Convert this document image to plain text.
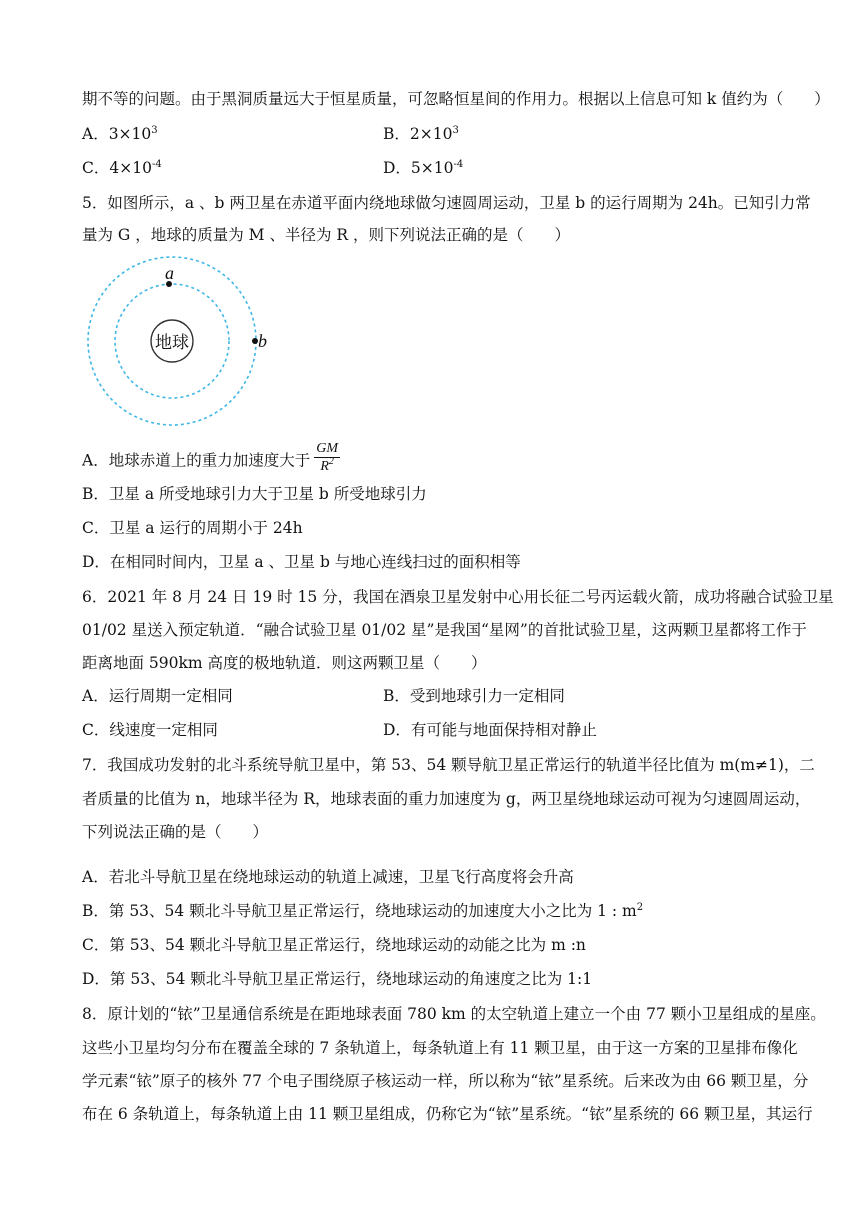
期不等的问题。由于黑洞质量远大于恒星质量，可忽略恒星间的作用力。根据以上信息可知 k 值约为（　　）
A．$3\times 10^3$	B．$2\times 10^3$
C．$4\times 10^{-4}$	D．$5\times 10^{-4}$
5．如图所示，a 、b 两卫星在赤道平面内绕地球做匀速圆周运动，卫星 b 的运行周期为 24h。已知引力常
量为 G ，地球的质量为 M 、半径为 R ，则下列说法正确的是（　　）
地球
a
b
A．地球赤道上的重力加速度大于 $\frac{GM}{R^2}$
B．卫星 a 所受地球引力大于卫星 b 所受地球引力
C．卫星 a 运行的周期小于 24h
D．在相同时间内，卫星 a 、卫星 b 与地心连线扫过的面积相等
6．2021 年 8 月 24 日 19 时 15 分，我国在酒泉卫星发射中心用长征二号丙运载火箭，成功将融合试验卫星
01/02 星送入预定轨道．“融合试验卫星 01/02 星”是我国“星网”的首批试验卫星，这两颗卫星都将工作于
距离地面 590km 高度的极地轨道．则这两颗卫星（　　）
A．运行周期一定相同	B．受到地球引力一定相同
C．线速度一定相同	D．有可能与地面保持相对静止
7．我国成功发射的北斗系统导航卫星中，第 53、54 颗导航卫星正常运行的轨道半径比值为 m(m≠1)，二
者质量的比值为 n，地球半径为 R，地球表面的重力加速度为 g，两卫星绕地球运动可视为匀速圆周运动，
下列说法正确的是（　　）
A．若北斗导航卫星在绕地球运动的轨道上减速，卫星飞行高度将会升高
B．第 53、54 颗北斗导航卫星正常运行，绕地球运动的加速度大小之比为 1 : $m^2$
C．第 53、54 颗北斗导航卫星正常运行，绕地球运动的动能之比为 m :n
D．第 53、54 颗北斗导航卫星正常运行，绕地球运动的角速度之比为 1:1
8．原计划的“铱”卫星通信系统是在距地球表面 780 km 的太空轨道上建立一个由 77 颗小卫星组成的星座。
这些小卫星均匀分布在覆盖全球的 7 条轨道上，每条轨道上有 11 颗卫星，由于这一方案的卫星排布像化
学元素“铱”原子的核外 77 个电子围绕原子核运动一样，所以称为“铱”星系统。后来改为由 66 颗卫星，分
布在 6 条轨道上，每条轨道上由 11 颗卫星组成，仍称它为“铱”星系统。“铱”星系统的 66 颗卫星，其运行
